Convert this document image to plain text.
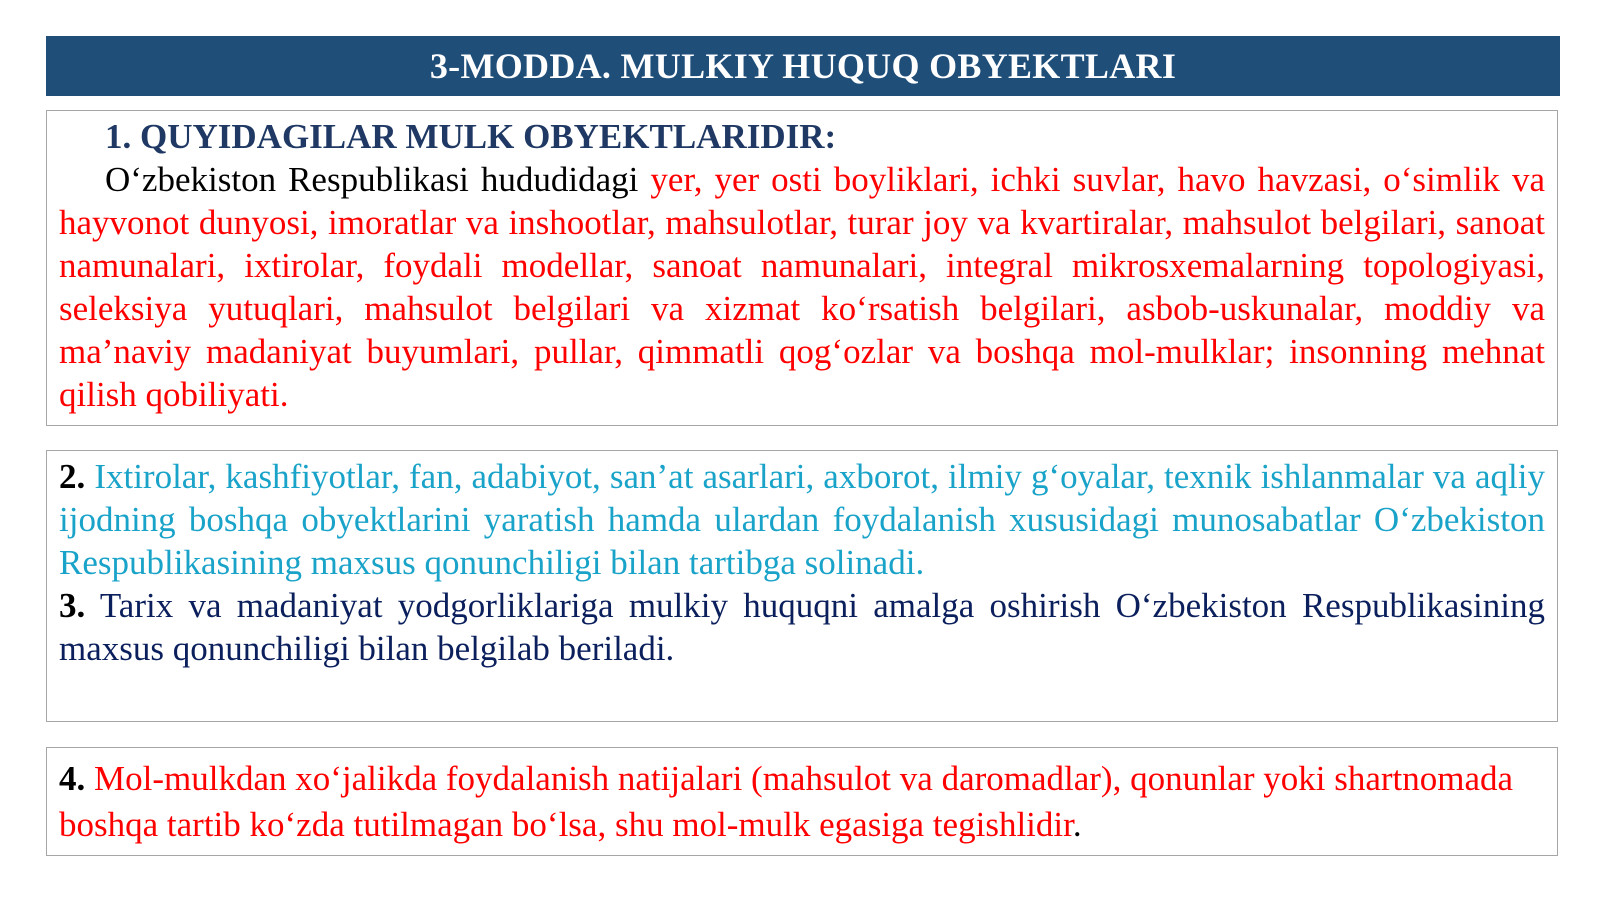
3-MODDA. MULKIY HUQUQ OBYEKTLARI

1. QUYIDAGILAR MULK OBYEKTLARIDIR:

O‘zbekiston Respublikasi hududidagi yer, yer osti boyliklari, ichki suvlar, havo havzasi, o‘simlik va hayvonot dunyosi, imoratlar va inshootlar, mahsulotlar, turar joy va kvartiralar, mahsulot belgilari, sanoat namunalari, ixtirolar, foydali modellar, sanoat namunalari, integral mikrosxemalarning topologiyasi, seleksiya yutuqlari, mahsulot belgilari va xizmat ko‘rsatish belgilari, asbob-uskunalar, moddiy va ma’naviy madaniyat buyumlari, pullar, qimmatli qog‘ozlar va boshqa mol-mulklar; insonning mehnat qilish qobiliyati.

2. Ixtirolar, kashfiyotlar, fan, adabiyot, san’at asarlari, axborot, ilmiy g‘oyalar, texnik ishlanmalar va aqliy ijodning boshqa obyektlarini yaratish hamda ulardan foydalanish xususidagi munosabatlar O‘zbekiston Respublikasining maxsus qonunchiligi bilan tartibga solinadi.

3. Tarix va madaniyat yodgorliklariga mulkiy huquqni amalga oshirish O‘zbekiston Respublikasining maxsus qonunchiligi bilan belgilab beriladi.

4. Mol-mulkdan xo‘jalikda foydalanish natijalari (mahsulot va daromadlar), qonunlar yoki shartnomada boshqa tartib ko‘zda tutilmagan bo‘lsa, shu mol-mulk egasiga tegishlidir.
